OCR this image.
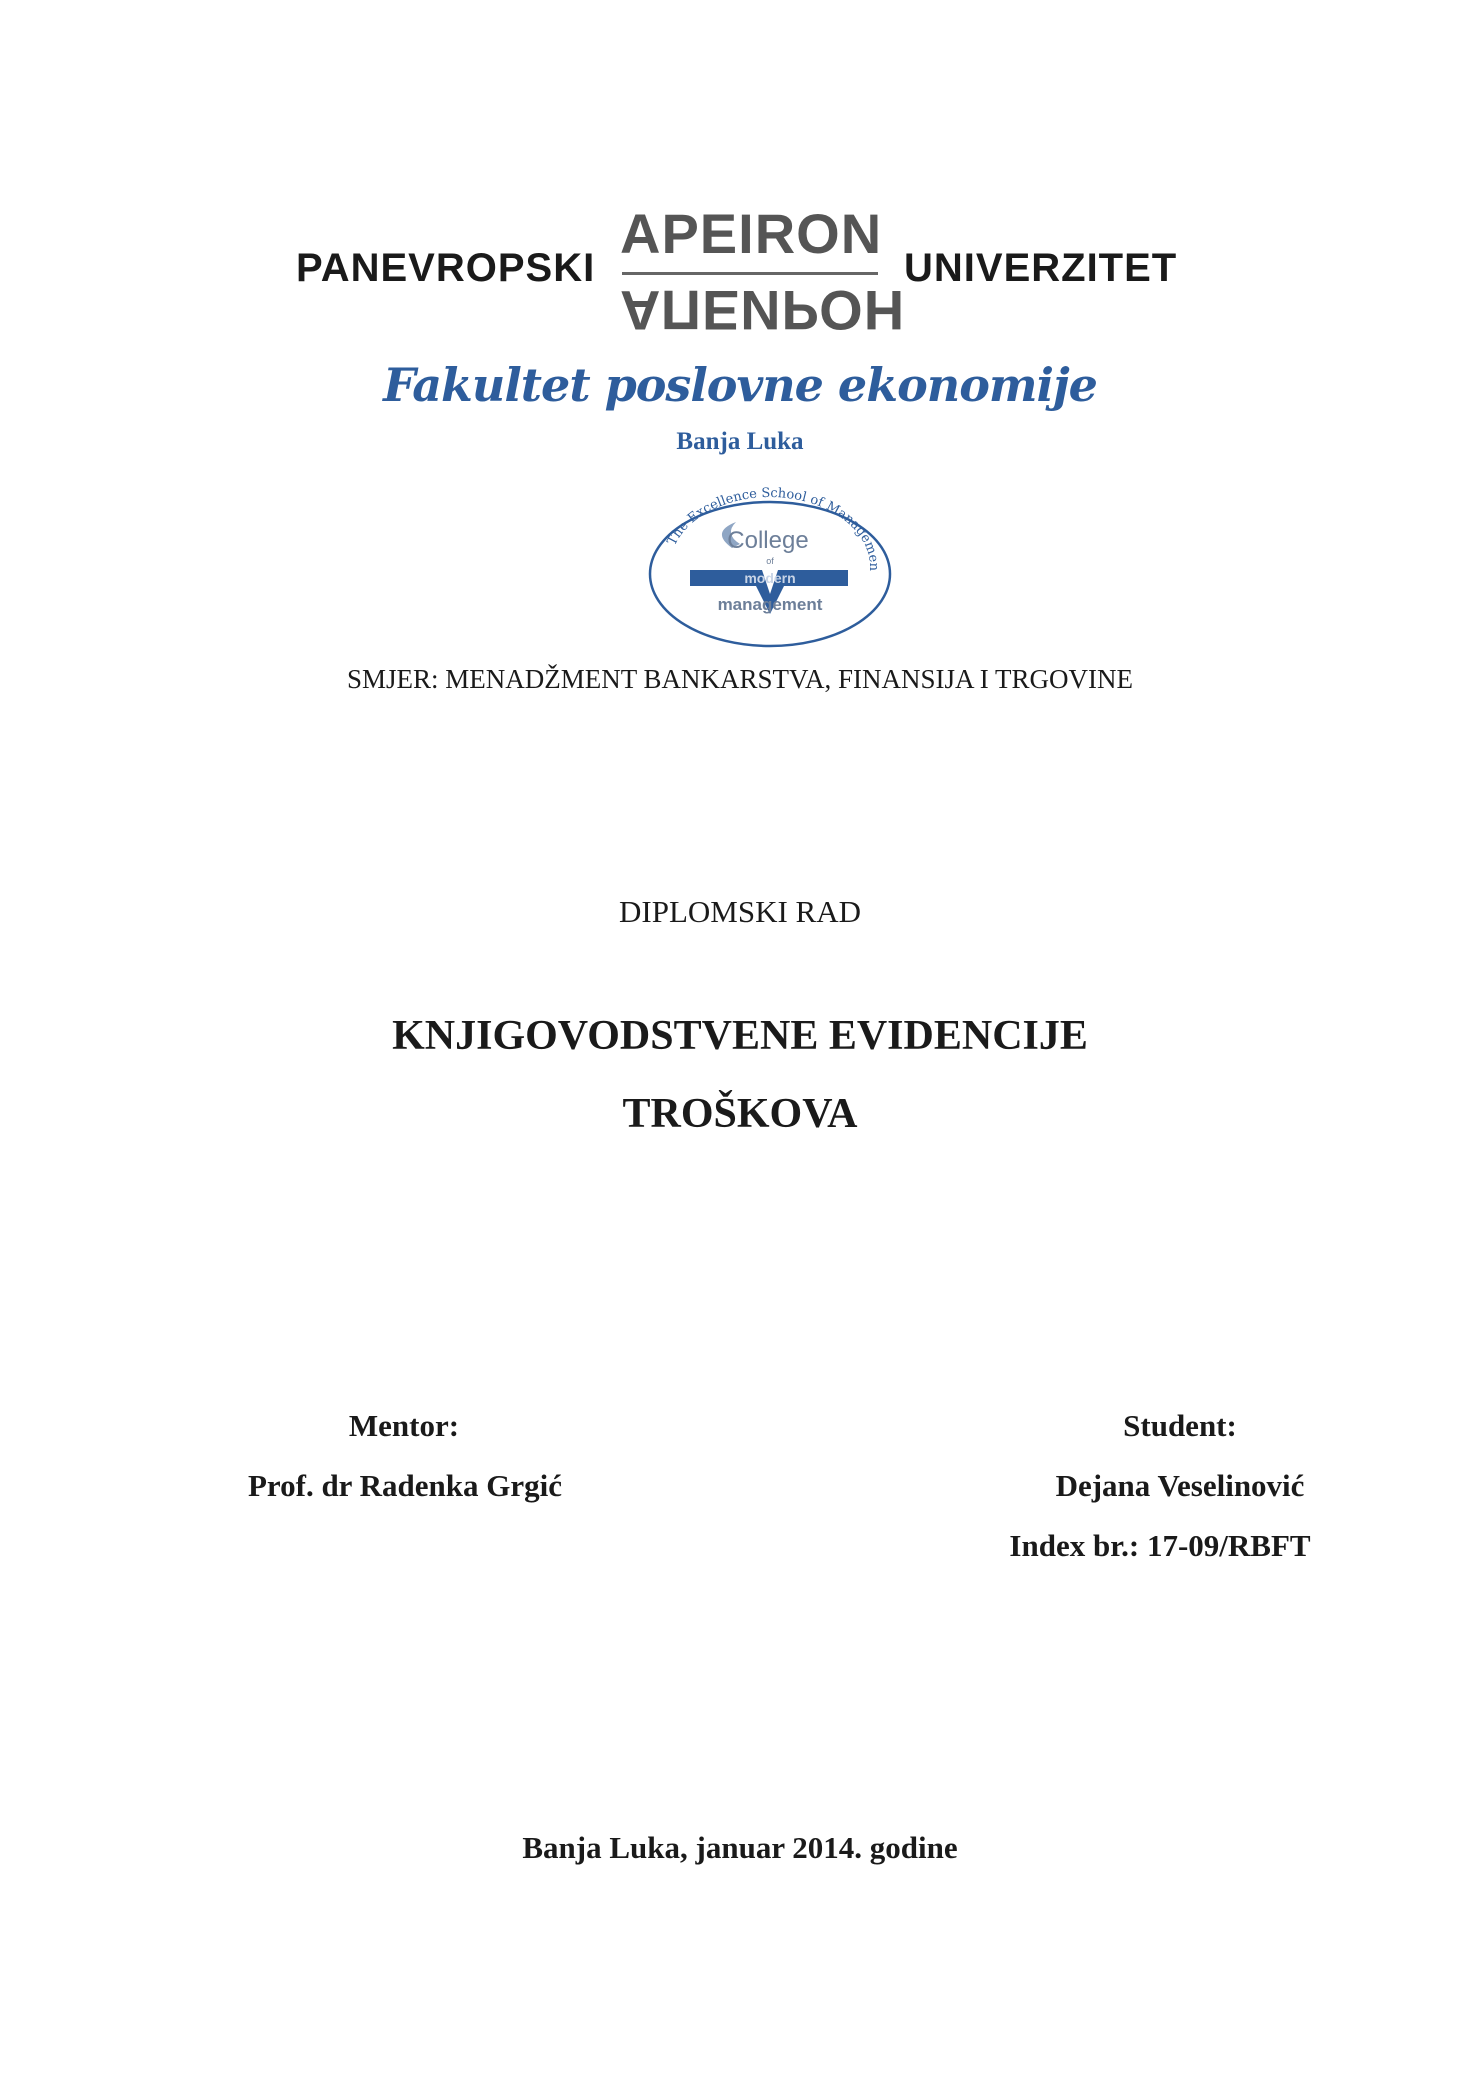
PANEVROPSKI
APEIRON
АПЕИРОН
UNIVERZITET
Fakultet poslovne ekonomije
Banja Luka
The Excellence School of Managemen
College
of
modern
management
SMJER: MENADŽMENT BANKARSTVA, FINANSIJA I TRGOVINE
DIPLOMSKI RAD
KNJIGOVODSTVENE EVIDENCIJE
TROŠKOVA
Mentor:
Prof. dr Radenka Grgić
Student:
Dejana Veselinović
Index br.: 17-09/RBFT
Banja Luka, januar 2014. godine
